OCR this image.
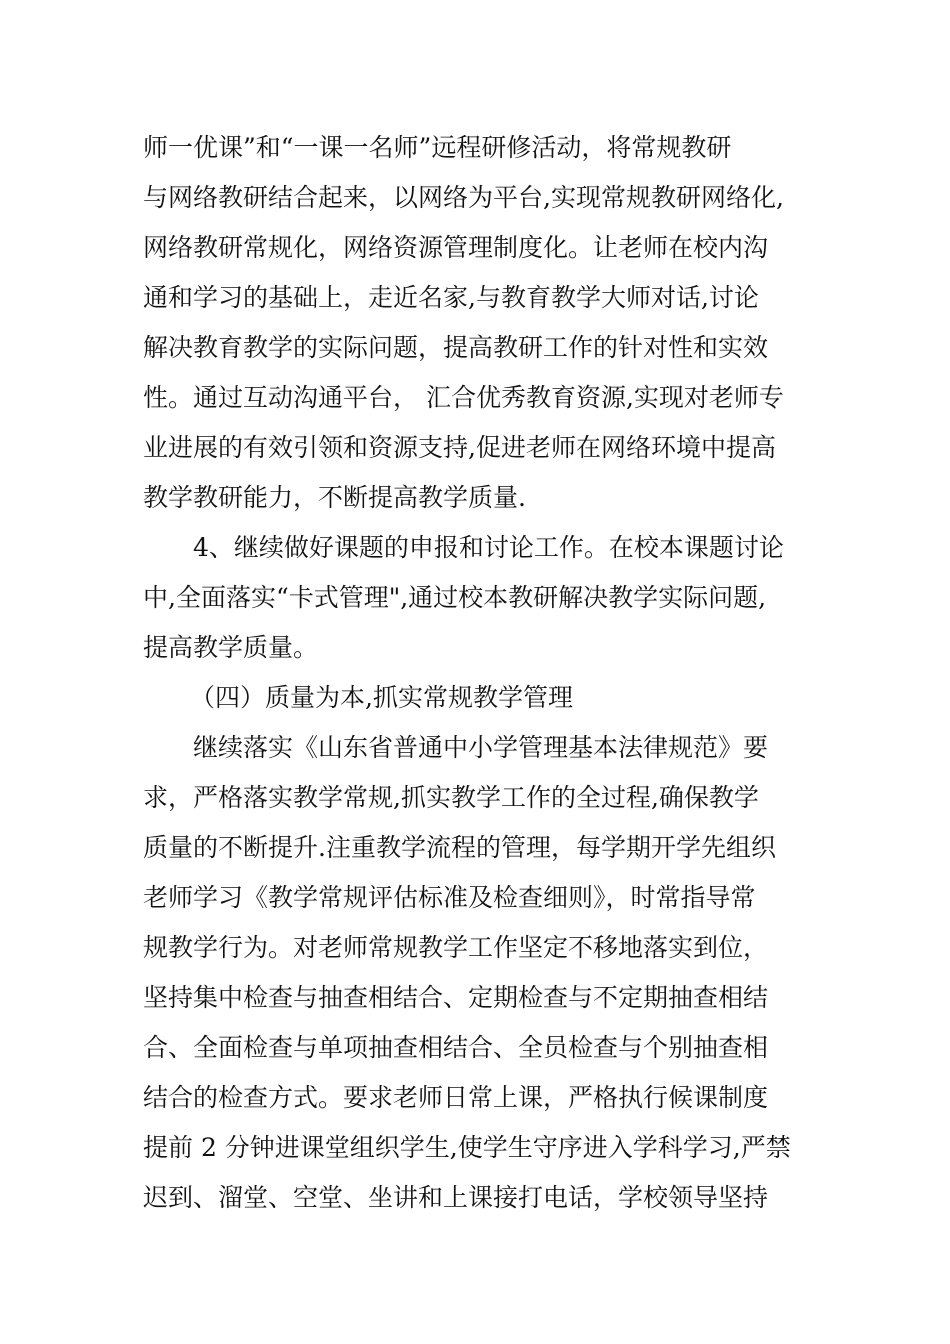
师一优课”和“一课一名师”远程研修活动，将常规教研
与网络教研结合起来，以网络为平台,实现常规教研网络化,
网络教研常规化，网络资源管理制度化。让老师在校内沟
通和学习的基础上，走近名家,与教育教学大师对话,讨论
解决教育教学的实际问题，提高教研工作的针对性和实效
性。通过互动沟通平台， 汇合优秀教育资源,实现对老师专
业进展的有效引领和资源支持,促进老师在网络环境中提高
教学教研能力，不断提高教学质量.
4、继续做好课题的申报和讨论工作。在校本课题讨论
中,全面落实“卡式管理",通过校本教研解决教学实际问题,
提高教学质量。
（四）质量为本,抓实常规教学管理
继续落实《山东省普通中小学管理基本法律规范》要
求，严格落实教学常规,抓实教学工作的全过程,确保教学
质量的不断提升.注重教学流程的管理，每学期开学先组织
老师学习《教学常规评估标准及检查细则》，时常指导常
规教学行为。对老师常规教学工作坚定不移地落实到位，
坚持集中检查与抽查相结合、定期检查与不定期抽查相结
合、全面检查与单项抽查相结合、全员检查与个别抽查相
结合的检查方式。要求老师日常上课，严格执行候课制度
提前 2 分钟进课堂组织学生,使学生守序进入学科学习,严禁
迟到、溜堂、空堂、坐讲和上课接打电话，学校领导坚持
